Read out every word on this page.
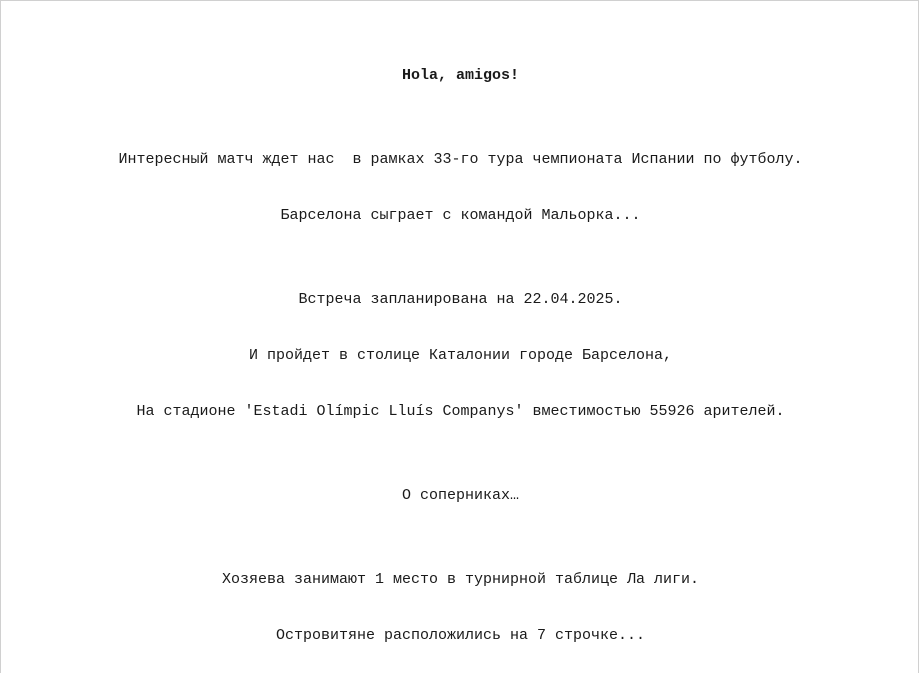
Hola, amigos!
Интересный матч ждет нас  в рамках 33-го тура чемпионата Испании по футболу.
Барселона сыграет с командой Мальорка...
Встреча запланирована на 22.04.2025.
И пройдет в столице Каталонии городе Барселона,
На стадионе 'Estadi Olímpic Lluís Companys' вместимостью 55926 арителей.
О соперниках…
Хозяева занимают 1 место в турнирной таблице Ла лиги.
Островитяне расположились на 7 строчке...
